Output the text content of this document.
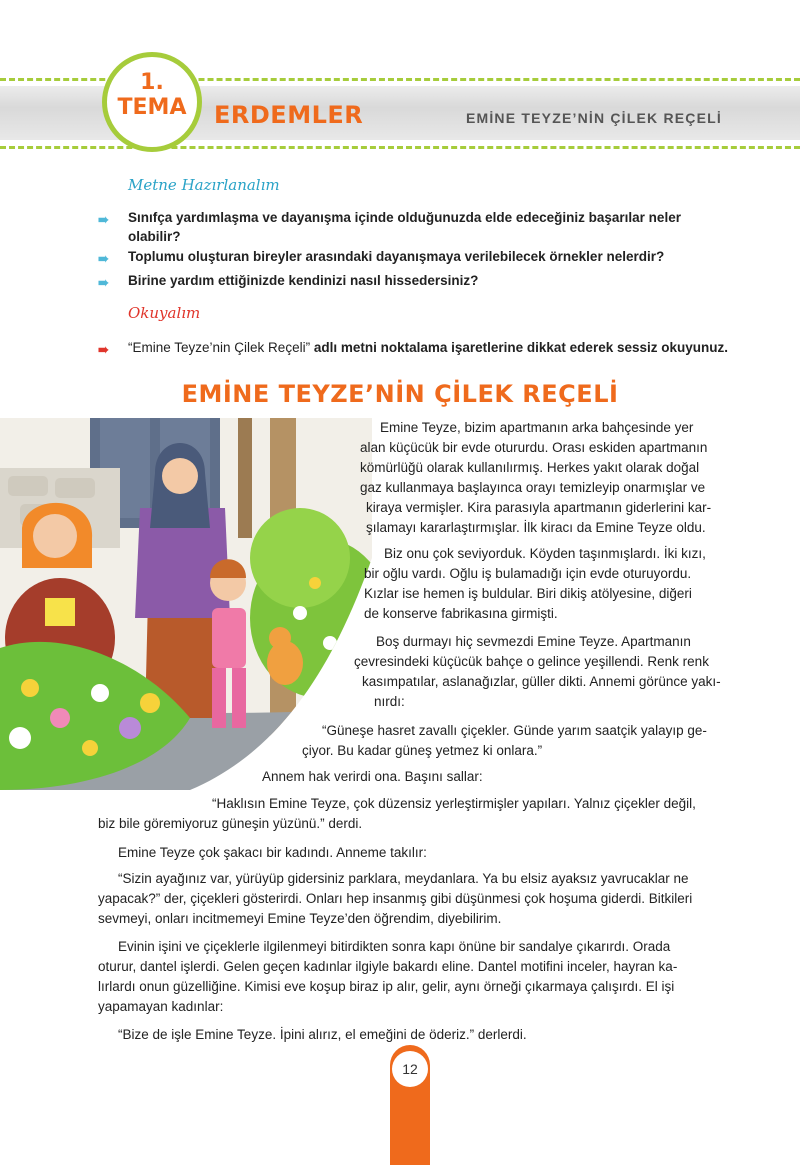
1.
TEMA	ERDEMLER	EMİNE TEYZE’NİN ÇİLEK REÇELİ
Metne Hazırlanalım
➠ Sınıfça yardımlaşma ve dayanışma içinde olduğunuzda elde edeceğiniz başarılar neler
olabilir?
➠ Toplumu oluşturan bireyler arasındaki dayanışmaya verilebilecek örnekler nelerdir?
➠ Birine yardım ettiğinizde kendinizi nasıl hissedersiniz?
Okuyalım
➠ “Emine Teyze’nin Çilek Reçeli” adlı metni noktalama işaretlerine dikkat ederek sessiz okuyunuz.
EMİNE TEYZE’NİN ÇİLEK REÇELİ
Emine Teyze, bizim apartmanın arka bahçesinde yer
alan küçücük bir evde otururdu. Orası eskiden apartmanın
kömürlüğü olarak kullanılırmış. Herkes yakıt olarak doğal
gaz kullanmaya başlayınca orayı temizleyip onarmışlar ve
kiraya vermişler. Kira parasıyla apartmanın giderlerini kar-
şılamayı kararlaştırmışlar. İlk kiracı da Emine Teyze oldu.
Biz onu çok seviyorduk. Köyden taşınmışlardı. İki kızı,
bir oğlu vardı. Oğlu iş bulamadığı için evde oturuyordu.
Kızlar ise hemen iş buldular. Biri dikiş atölyesine, diğeri
de konserve fabrikasına girmişti.
Boş durmayı hiç sevmezdi Emine Teyze. Apartmanın
çevresindeki küçücük bahçe o gelince yeşillendi. Renk renk
kasımpatılar, aslanağızlar, güller dikti. Annemi görünce yakı-
nırdı:
“Güneşe hasret zavallı çiçekler. Günde yarım saatçik yalayıp ge-
çiyor. Bu kadar güneş yetmez ki onlara.”
Annem hak verirdi ona. Başını sallar:
“Haklısın Emine Teyze, çok düzensiz yerleştirmişler yapıları. Yalnız çiçekler değil,
biz bile göremiyoruz güneşin yüzünü.” derdi.
Emine Teyze çok şakacı bir kadındı. Anneme takılır:
“Sizin ayağınız var, yürüyüp gidersiniz parklara, meydanlara. Ya bu elsiz ayaksız yavrucaklar ne
yapacak?” der, çiçekleri gösterirdi. Onları hep insanmış gibi düşünmesi çok hoşuma giderdi. Bitkileri
sevmeyi, onları incitmemeyi Emine Teyze’den öğrendim, diyebilirim.
Evinin işini ve çiçeklerle ilgilenmeyi bitirdikten sonra kapı önüne bir sandalye çıkarırdı. Orada
oturur, dantel işlerdi. Gelen geçen kadınlar ilgiyle bakardı eline. Dantel motifini inceler, hayran ka-
lırlardı onun güzelliğine. Kimisi eve koşup biraz ip alır, gelir, aynı örneği çıkarmaya çalışırdı. El işi
yapamayan kadınlar:
“Bize de işle Emine Teyze. İpini alırız, el emeğini de öderiz.” derlerdi.
12
